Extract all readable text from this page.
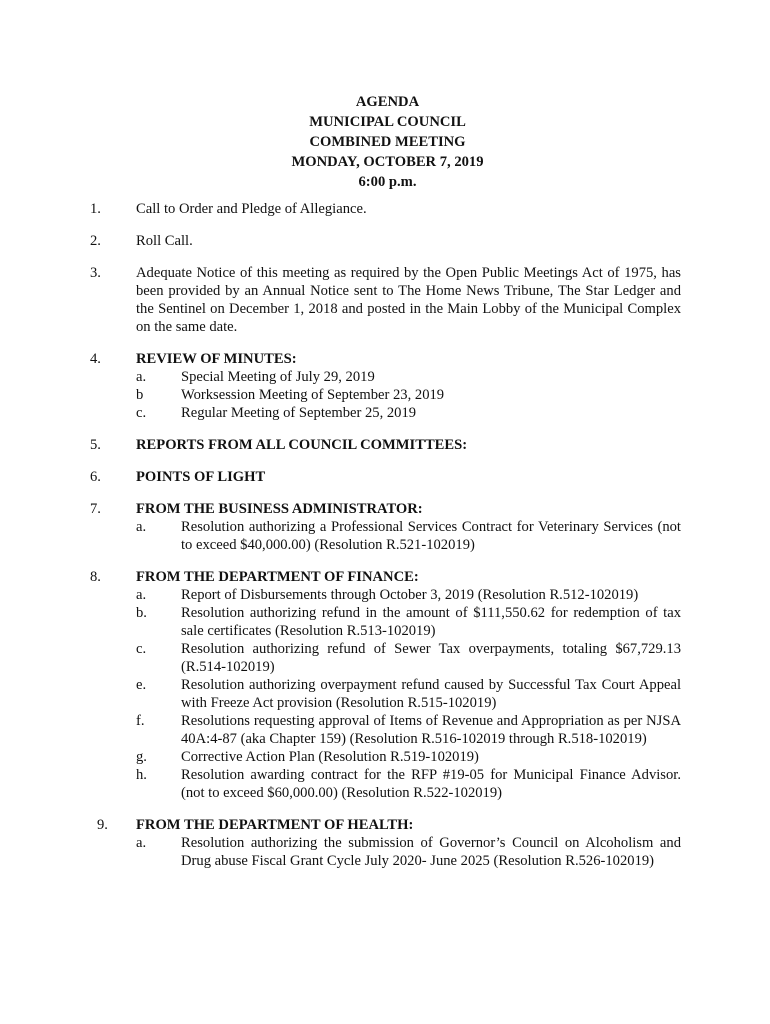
AGENDA
MUNICIPAL COUNCIL
COMBINED MEETING
MONDAY, OCTOBER 7, 2019
6:00 p.m.
1. Call to Order and Pledge of Allegiance.
2. Roll Call.
3. Adequate Notice of this meeting as required by the Open Public Meetings Act of 1975, has been provided by an Annual Notice sent to The Home News Tribune, The Star Ledger and the Sentinel on December 1, 2018 and posted in the Main Lobby of the Municipal Complex on the same date.
4. REVIEW OF MINUTES:
a. Special Meeting of July 29, 2019
b	Worksession Meeting of September 23, 2019
c. Regular Meeting of September 25, 2019
5. REPORTS FROM ALL COUNCIL COMMITTEES:
6. POINTS OF LIGHT
7. FROM THE BUSINESS ADMINISTRATOR:
a. Resolution authorizing a Professional Services Contract for Veterinary Services (not to exceed $40,000.00) (Resolution R.521-102019)
8. FROM THE DEPARTMENT OF FINANCE:
a. Report of Disbursements through October 3, 2019 (Resolution R.512-102019)
b. Resolution authorizing refund in the amount of $111,550.62 for redemption of tax sale certificates (Resolution R.513-102019)
c. Resolution authorizing refund of Sewer Tax overpayments, totaling $67,729.13 (R.514-102019)
e. Resolution authorizing overpayment refund caused by Successful Tax Court Appeal with Freeze Act provision (Resolution R.515-102019)
f. Resolutions requesting approval of Items of Revenue and Appropriation as per NJSA 40A:4-87 (aka Chapter 159) (Resolution R.516-102019 through R.518-102019)
g. Corrective Action Plan (Resolution R.519-102019)
h. Resolution awarding contract for the RFP #19-05 for Municipal Finance Advisor. (not to exceed $60,000.00) (Resolution R.522-102019)
9. FROM THE DEPARTMENT OF HEALTH:
a. Resolution authorizing the submission of Governor’s Council on Alcoholism and Drug abuse Fiscal Grant Cycle July 2020- June 2025 (Resolution R.526-102019)
